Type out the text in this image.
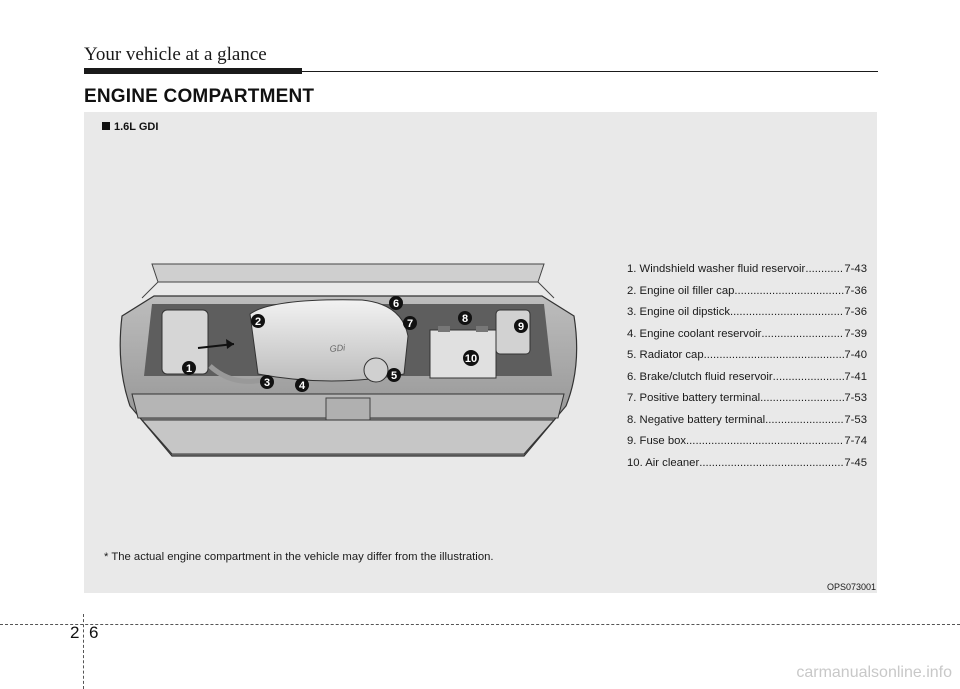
Your vehicle at a glance
ENGINE COMPARTMENT
1.6L GDI
GDi
1
2
3	4
5
6
7	8
9
10
1. Windshield washer fluid reservoir .....	7-43
2. Engine oil filler cap .....	7-36
3. Engine oil dipstick .....	7-36
4. Engine coolant reservoir .....	7-39
5. Radiator cap .....	7-40
6. Brake/clutch fluid reservoir .....	7-41
7. Positive battery terminal .....	7-53
8. Negative battery terminal .....	7-53
9. Fuse box .....	7-74
10. Air cleaner .....	7-45
* The actual engine compartment in the vehicle may differ from the illustration.
OPS073001
2 6
carmanualsonline.info
